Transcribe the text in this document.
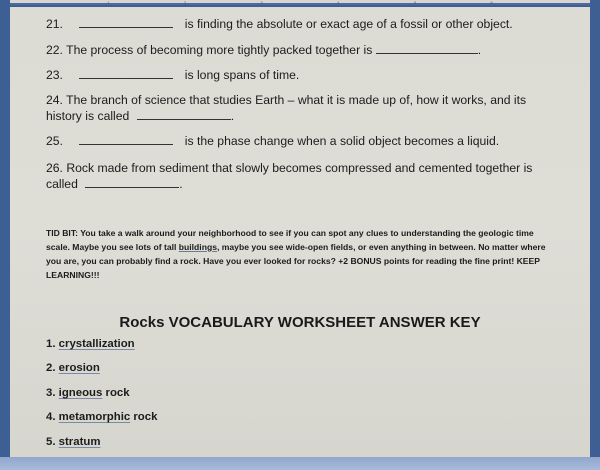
1	2	3	4	5	6
21.	is finding the absolute or exact age of a fossil or other object.
22. The process of becoming more tightly packed together is	.
23.	is long spans of time.
24. The branch of science that studies Earth – what it is made up of, how it works, and its
history is called	.
25.	is the phase change when a solid object becomes a liquid.
26. Rock made from sediment that slowly becomes compressed and cemented together is
called	.
TID BIT: You take a walk around your neighborhood to see if you can spot any clues to understanding the geologic time scale. Maybe you see lots of tall buildings, maybe you see wide-open fields, or even anything in between. No matter where you are, you can probably find a rock. Have you ever looked for rocks? +2 BONUS points for reading the fine print! KEEP LEARNING!!!
Rocks VOCABULARY WORKSHEET ANSWER KEY
1. crystallization
2. erosion
3. igneous rock
4. metamorphic rock
5. stratum
